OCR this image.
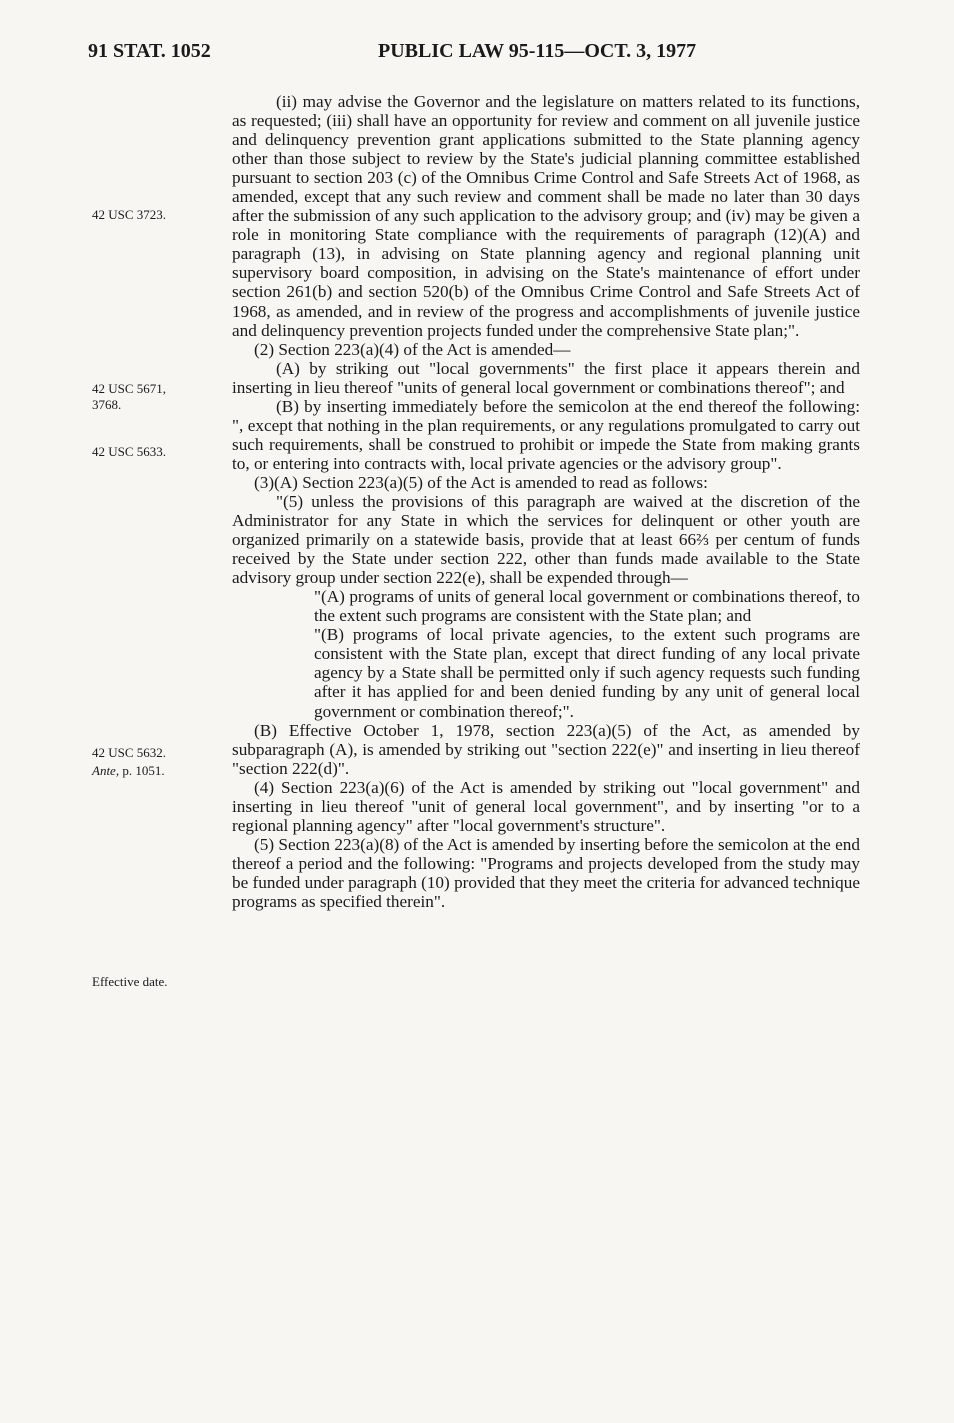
91 STAT. 1052	PUBLIC LAW 95-115—OCT. 3, 1977
42 USC 3723.
42 USC 5671,
3768.
42 USC 5633.
42 USC 5632.
Ante, p. 1051.
Effective date.

(ii) may advise the Governor and the legislature on matters related to its functions, as requested; (iii) shall have an opportunity for review and comment on all juvenile justice and delinquency prevention grant applications submitted to the State planning agency other than those subject to review by the State's judicial planning committee established pursuant to section 203 (c) of the Omnibus Crime Control and Safe Streets Act of 1968, as amended, except that any such review and comment shall be made no later than 30 days after the submission of any such application to the advisory group; and (iv) may be given a role in monitoring State compliance with the requirements of paragraph (12)(A) and paragraph (13), in advising on State planning agency and regional planning unit supervisory board composition, in advising on the State's maintenance of effort under section 261(b) and section 520(b) of the Omnibus Crime Control and Safe Streets Act of 1968, as amended, and in review of the progress and accomplishments of juvenile justice and delinquency prevention projects funded under the comprehensive State plan;".

(2) Section 223(a)(4) of the Act is amended—

(A) by striking out "local governments" the first place it appears therein and inserting in lieu thereof "units of general local government or combinations thereof"; and

(B) by inserting immediately before the semicolon at the end thereof the following: ", except that nothing in the plan requirements, or any regulations promulgated to carry out such requirements, shall be construed to prohibit or impede the State from making grants to, or entering into contracts with, local private agencies or the advisory group".

(3)(A) Section 223(a)(5) of the Act is amended to read as follows:

"(5) unless the provisions of this paragraph are waived at the discretion of the Administrator for any State in which the services for delinquent or other youth are organized primarily on a statewide basis, provide that at least 66⅔ per centum of funds received by the State under section 222, other than funds made available to the State advisory group under section 222(e), shall be expended through—

"(A) programs of units of general local government or combinations thereof, to the extent such programs are consistent with the State plan; and

"(B) programs of local private agencies, to the extent such programs are consistent with the State plan, except that direct funding of any local private agency by a State shall be permitted only if such agency requests such funding after it has applied for and been denied funding by any unit of general local government or combination thereof;".

(B) Effective October 1, 1978, section 223(a)(5) of the Act, as amended by subparagraph (A), is amended by striking out "section 222(e)" and inserting in lieu thereof "section 222(d)".

(4) Section 223(a)(6) of the Act is amended by striking out "local government" and inserting in lieu thereof "unit of general local government", and by inserting "or to a regional planning agency" after "local government's structure".

(5) Section 223(a)(8) of the Act is amended by inserting before the semicolon at the end thereof a period and the following: "Programs and projects developed from the study may be funded under paragraph (10) provided that they meet the criteria for advanced technique programs as specified therein".
